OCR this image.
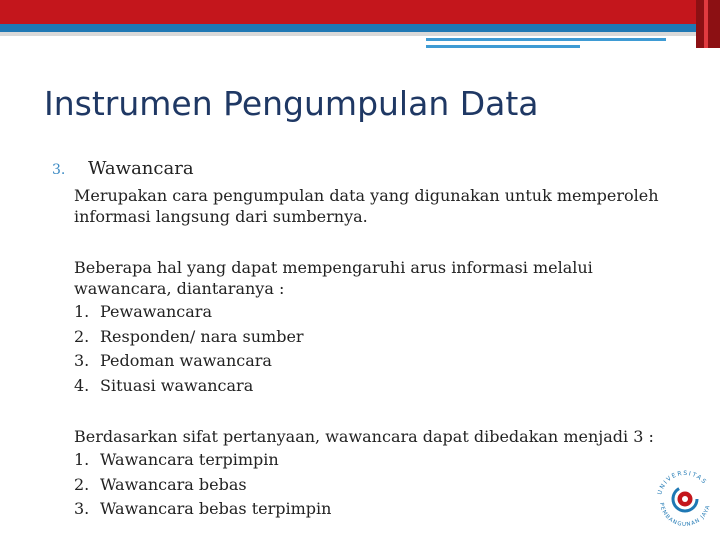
Instrumen Pengumpulan Data
3. Wawancara
Merupakan cara pengumpulan data yang digunakan untuk memperoleh
informasi langsung dari sumbernya.
Beberapa hal yang dapat mempengaruhi arus informasi melalui
wawancara, diantaranya :
1. Pewawancara
2. Responden/ nara sumber
3. Pedoman wawancara
4. Situasi wawancara
Berdasarkan sifat pertanyaan, wawancara dapat dibedakan menjadi 3 :
1. Wawancara terpimpin
2. Wawancara bebas
3. Wawancara bebas terpimpin
UNIVERSITAS
PEMBANGUNAN JAYA
